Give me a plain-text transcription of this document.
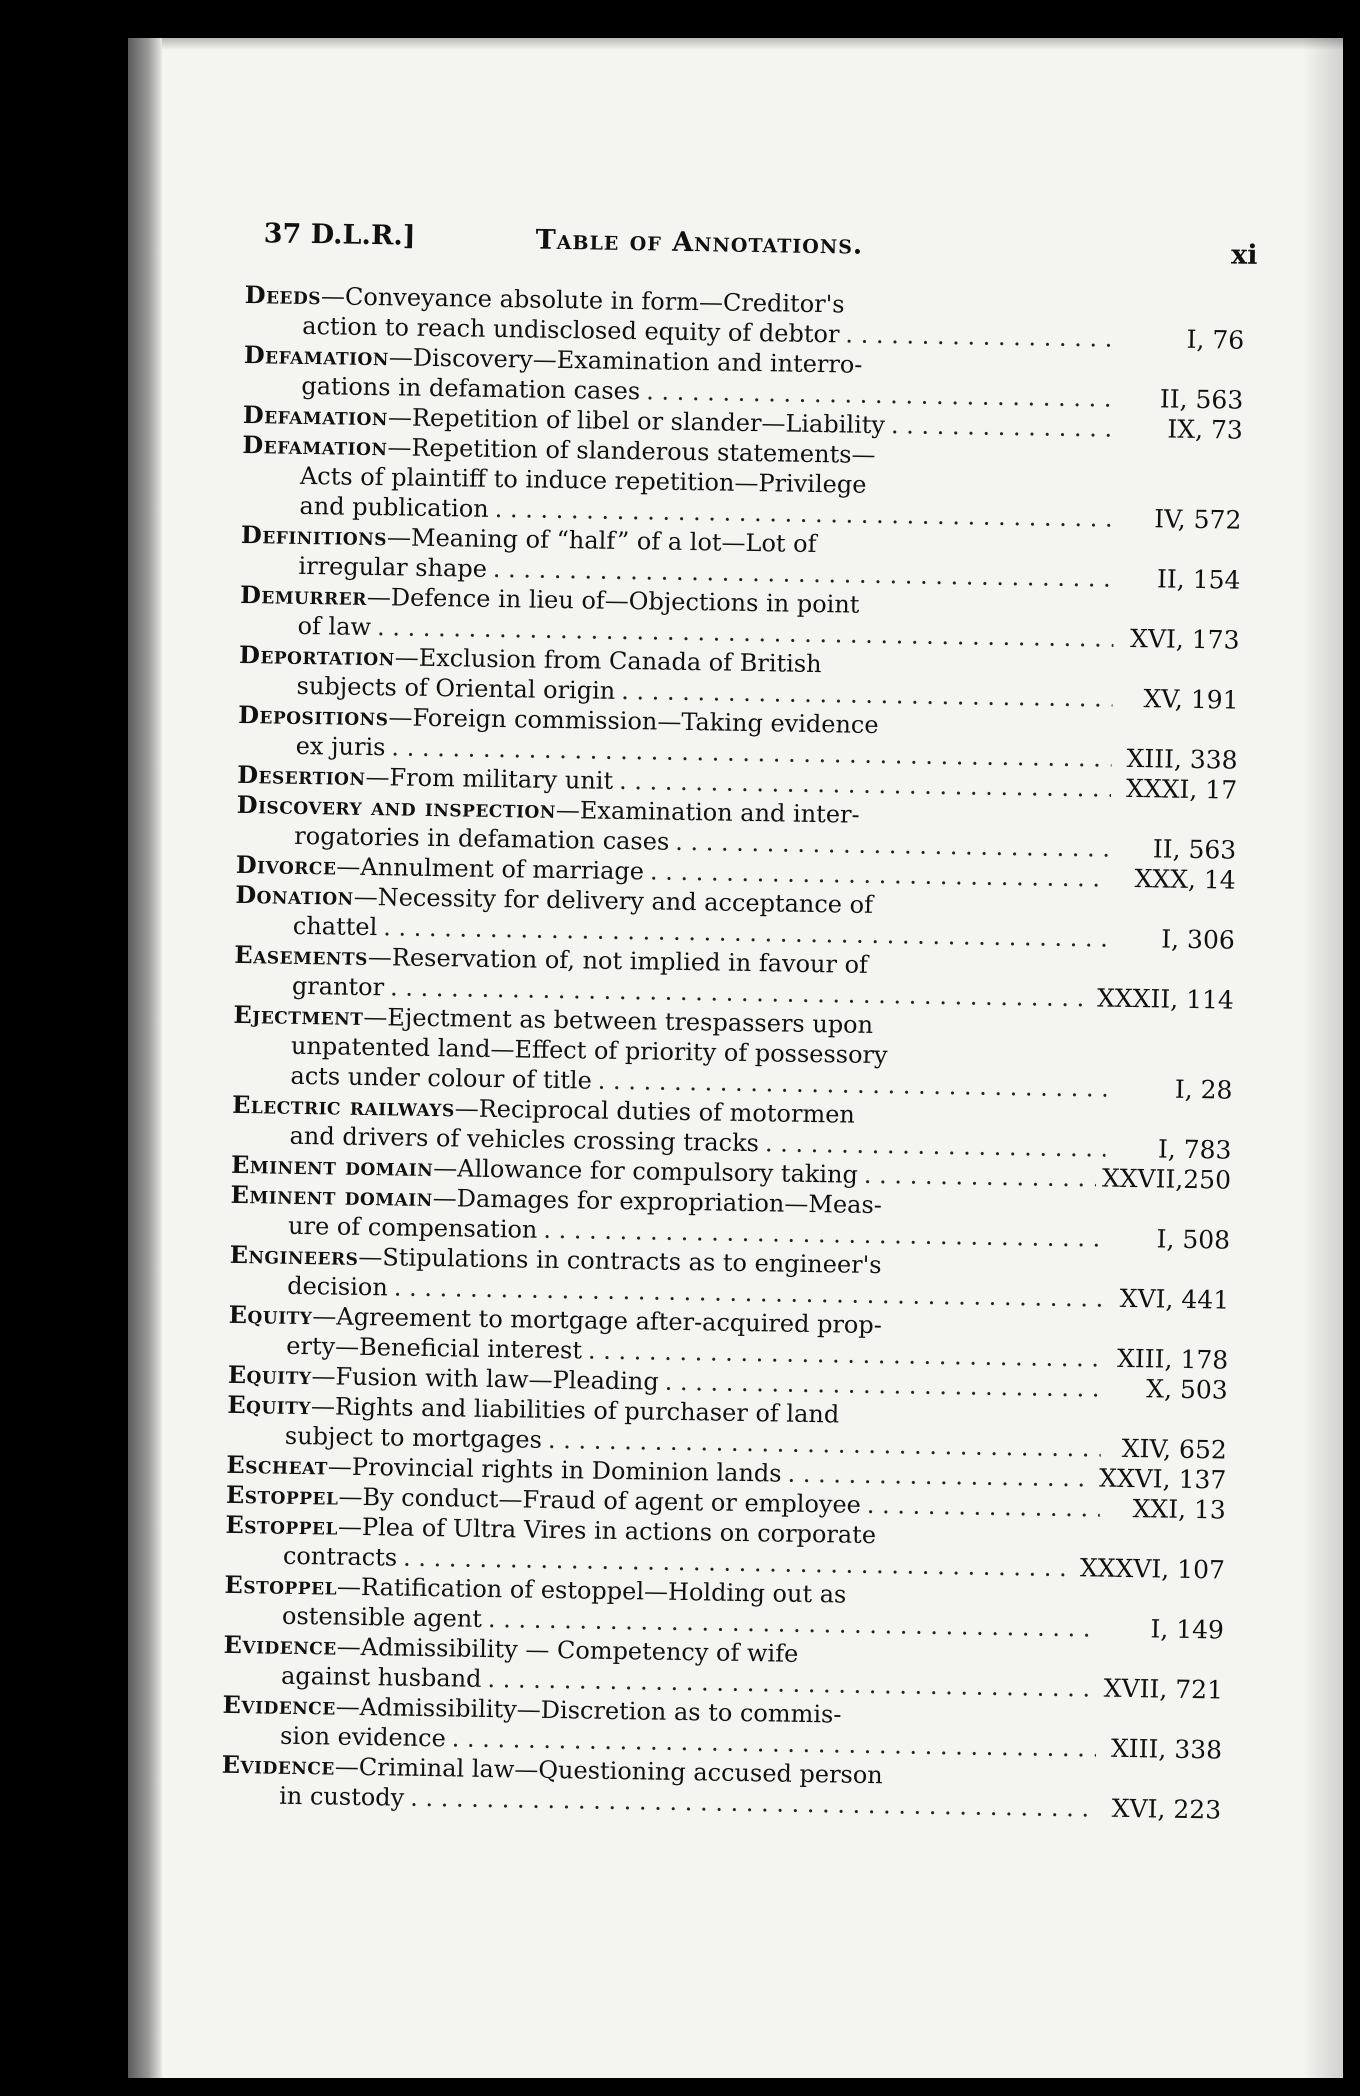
37 D.L.R.]	Table of Annotations.	xi
Deeds —Conveyance absolute in form—Creditor's
action to reach undisclosed equity of debtor . . .	I, 76
Defamation —Discovery—Examination and interro-
gations in defamation cases . . .	II, 563
Defamation —Repetition of libel or slander—Liability . . .	IX, 73
Defamation —Repetition of slanderous statements—
Acts of plaintiff to induce repetition—Privilege
and publication . . .	IV, 572
Definitions —Meaning of “half” of a lot—Lot of
irregular shape . . .	II, 154
Demurrer —Defence in lieu of—Objections in point
of law . . .	XVI, 173
Deportation —Exclusion from Canada of British
subjects of Oriental origin . . .	XV, 191
Depositions —Foreign commission—Taking evidence
ex juris . . .	XIII, 338
Desertion —From military unit . . .	XXXI, 17
Discovery and inspection —Examination and inter-
rogatories in defamation cases . . .	II, 563
Divorce —Annulment of marriage . . .	XXX, 14
Donation —Necessity for delivery and acceptance of
chattel . . .	I, 306
Easements —Reservation of, not implied in favour of
grantor . . .	XXXII, 114
Ejectment —Ejectment as between trespassers upon
unpatented land—Effect of priority of possessory
acts under colour of title . . .	I, 28
Electric railways —Reciprocal duties of motormen
and drivers of vehicles crossing tracks . . .	I, 783
Eminent domain —Allowance for compulsory taking . . .	XXVII,250
Eminent domain —Damages for expropriation—Meas-
ure of compensation . . .	I, 508
Engineers —Stipulations in contracts as to engineer's
decision . . .	XVI, 441
Equity —Agreement to mortgage after-acquired prop-
erty—Beneficial interest . . .	XIII, 178
Equity —Fusion with law—Pleading . . .	X, 503
Equity —Rights and liabilities of purchaser of land
subject to mortgages . . .	XIV, 652
Escheat —Provincial rights in Dominion lands . . .	XXVI, 137
Estoppel —By conduct—Fraud of agent or employee . . .	XXI, 13
Estoppel —Plea of Ultra Vires in actions on corporate
contracts . . .	XXXVI, 107
Estoppel —Ratification of estoppel—Holding out as
ostensible agent . . .	I, 149
Evidence —Admissibility — Competency of wife
against husband . . .	XVII, 721
Evidence —Admissibility—Discretion as to commis-
sion evidence . . .	XIII, 338
Evidence —Criminal law—Questioning accused person
in custody . . .	XVI, 223
